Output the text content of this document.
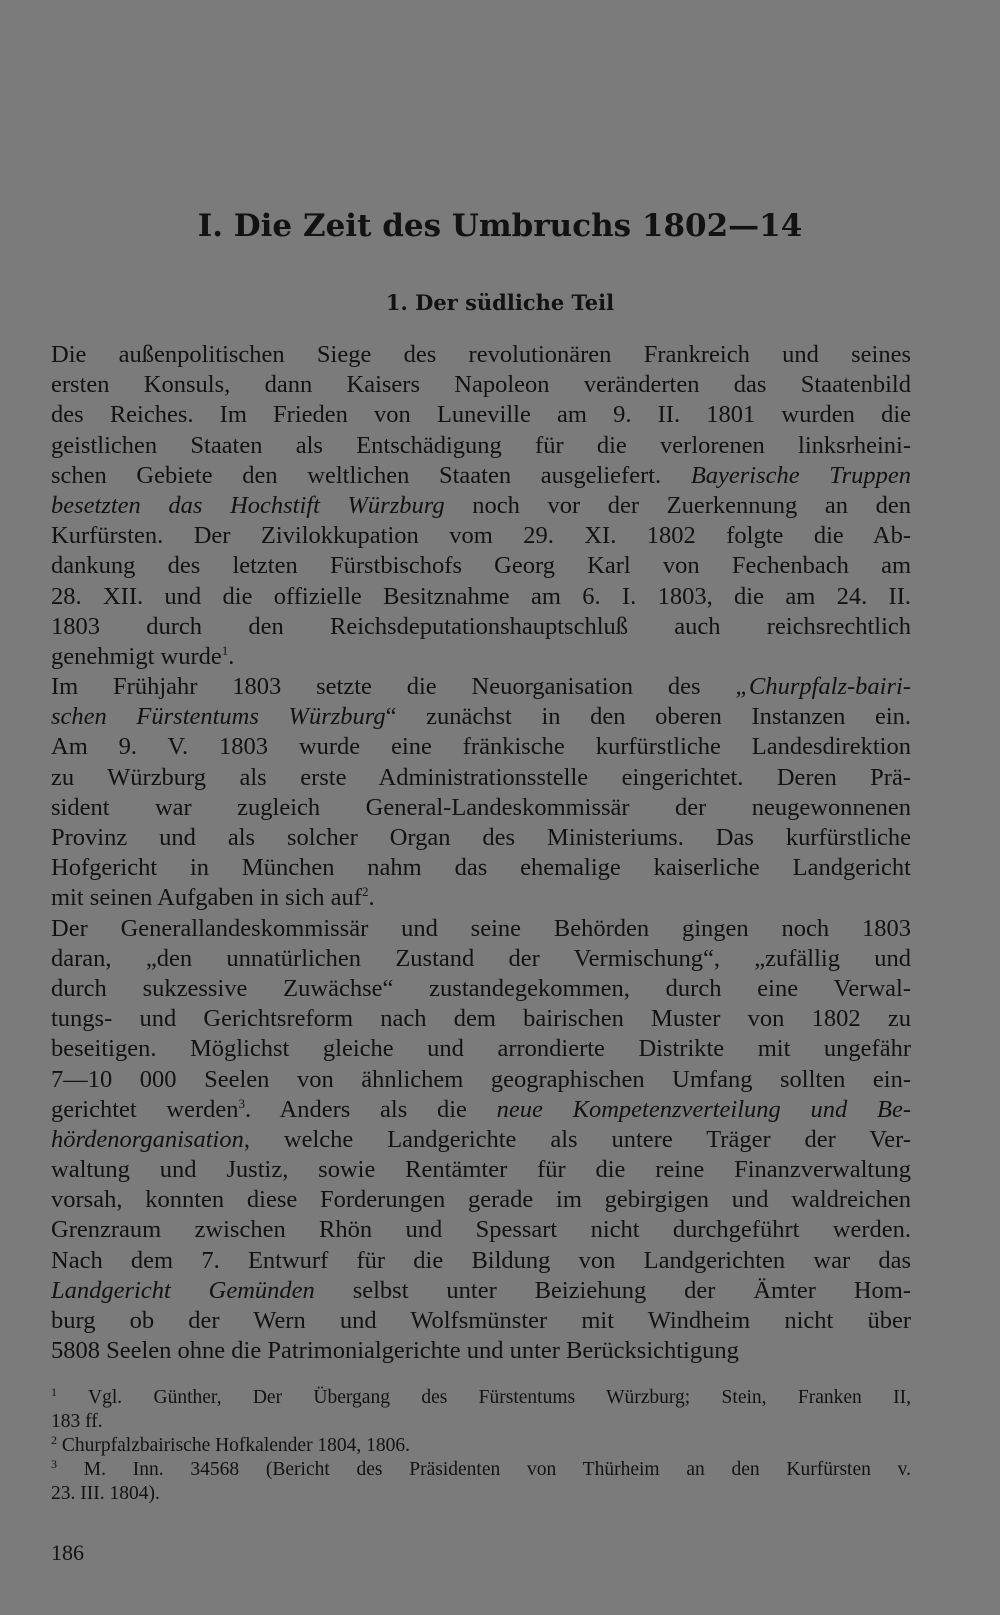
I. Die Zeit des Umbruchs 1802—14
1. Der südliche Teil
Die außenpolitischen Siege des revolutionären Frankreich und seines
ersten Konsuls, dann Kaisers Napoleon veränderten das Staatenbild
des Reiches. Im Frieden von Luneville am 9. II. 1801 wurden die
geistlichen Staaten als Entschädigung für die verlorenen linksrheini-
schen Gebiete den weltlichen Staaten ausgeliefert. Bayerische Truppen
besetzten das Hochstift Würzburg noch vor der Zuerkennung an den
Kurfürsten. Der Zivilokkupation vom 29. XI. 1802 folgte die Ab-
dankung des letzten Fürstbischofs Georg Karl von Fechenbach am
28. XII. und die offizielle Besitznahme am 6. I. 1803, die am 24. II.
1803 durch den Reichsdeputationshauptschluß auch reichsrechtlich
genehmigt wurde$^1$.
Im Frühjahr 1803 setzte die Neuorganisation des „Churpfalz-bairi-
schen Fürstentums Würzburg“ zunächst in den oberen Instanzen ein.
Am 9. V. 1803 wurde eine fränkische kurfürstliche Landesdirektion
zu Würzburg als erste Administrationsstelle eingerichtet. Deren Prä-
sident war zugleich General-Landeskommissär der neugewonnenen
Provinz und als solcher Organ des Ministeriums. Das kurfürstliche
Hofgericht in München nahm das ehemalige kaiserliche Landgericht
mit seinen Aufgaben in sich auf$^2$.
Der Generallandeskommissär und seine Behörden gingen noch 1803
daran, „den unnatürlichen Zustand der Vermischung“, „zufällig und
durch sukzessive Zuwächse“ zustandegekommen, durch eine Verwal-
tungs- und Gerichtsreform nach dem bairischen Muster von 1802 zu
beseitigen. Möglichst gleiche und arrondierte Distrikte mit ungefähr
7—10 000 Seelen von ähnlichem geographischen Umfang sollten ein-
gerichtet werden$^3$. Anders als die neue Kompetenzverteilung und Be-
hördenorganisation, welche Landgerichte als untere Träger der Ver-
waltung und Justiz, sowie Rentämter für die reine Finanzverwaltung
vorsah, konnten diese Forderungen gerade im gebirgigen und waldreichen
Grenzraum zwischen Rhön und Spessart nicht durchgeführt werden.
Nach dem 7. Entwurf für die Bildung von Landgerichten war das
Landgericht Gemünden selbst unter Beiziehung der Ämter Hom-
burg ob der Wern und Wolfsmünster mit Windheim nicht über
5808 Seelen ohne die Patrimonialgerichte und unter Berücksichtigung
$^1$ Vgl. Günther, Der Übergang des Fürstentums Würzburg; Stein, Franken II,
183 ff.
$^2$ Churpfalzbairische Hofkalender 1804, 1806.
$^3$ M. Inn. 34568 (Bericht des Präsidenten von Thürheim an den Kurfürsten v.
23. III. 1804).
186
